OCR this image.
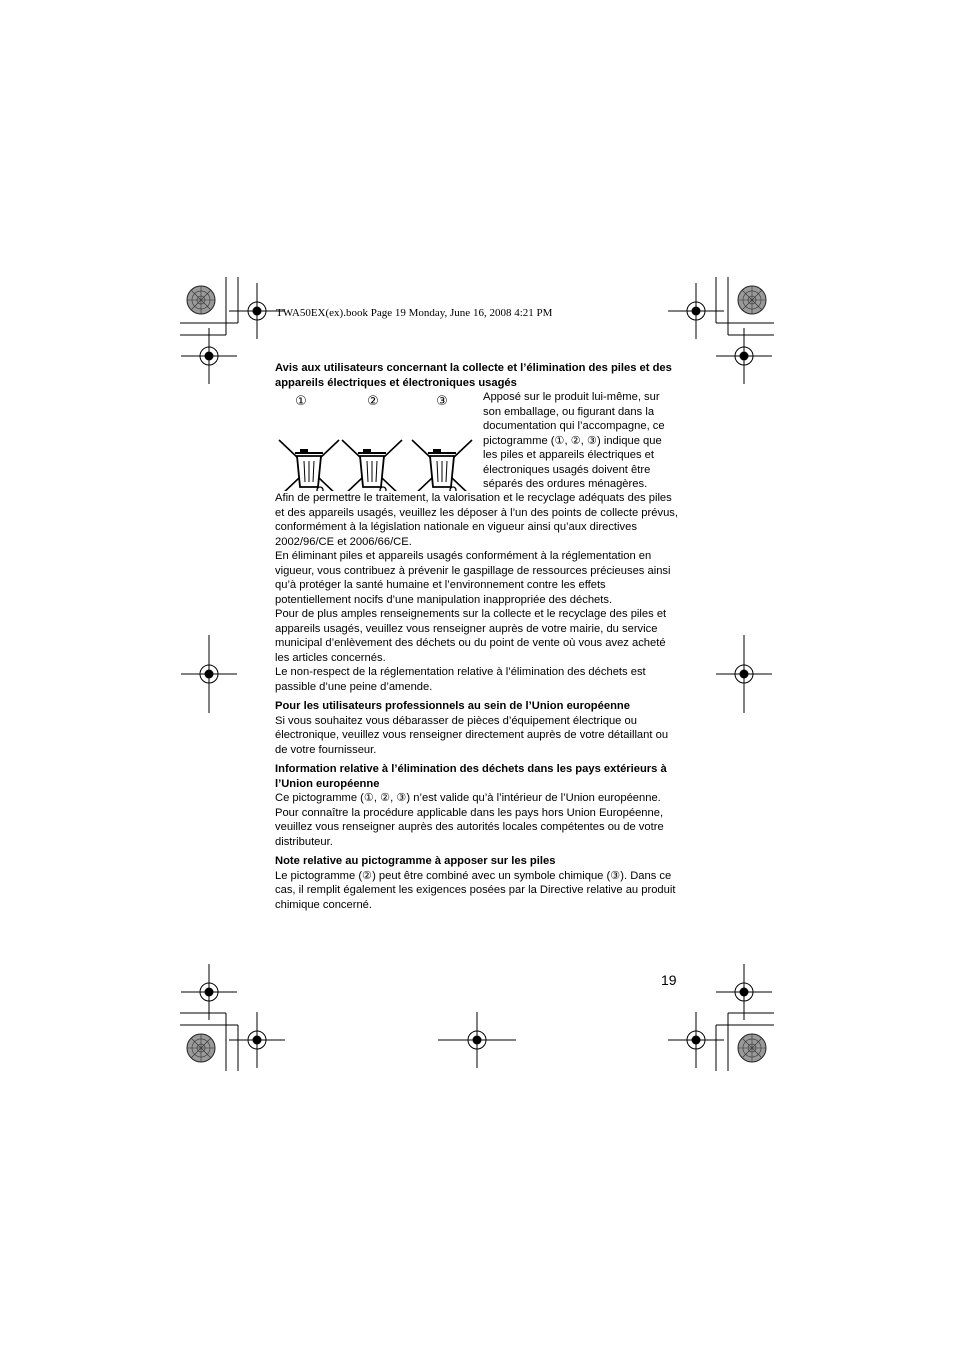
TWA50EX(ex).book Page 19 Monday, June 16, 2008 4:21 PM

Avis aux utilisateurs concernant la collecte et l’élimination des piles et des
appareils électriques et électroniques usagés

①	②	③	Apposé sur le produit lui-même, sur son emballage, ou figurant dans la documentation qui l’accompagne, ce pictogramme (①, ②, ③) indique que les piles et appareils électriques et électroniques usagés doivent être séparés des ordures ménagères.

Afin de permettre le traitement, la valorisation et le recyclage adéquats des piles et des appareils usagés, veuillez les déposer à l’un des points de collecte prévus, conformément à la législation nationale en vigueur ainsi qu’aux directives 2002/96/CE et 2006/66/CE.

En éliminant piles et appareils usagés conformément à la réglementation en vigueur, vous contribuez à prévenir le gaspillage de ressources précieuses ainsi qu’à protéger la santé humaine et l’environnement contre les effets potentiellement nocifs d’une manipulation inappropriée des déchets.

Pour de plus amples renseignements sur la collecte et le recyclage des piles et appareils usagés, veuillez vous renseigner auprès de votre mairie, du service municipal d’enlèvement des déchets ou du point de vente où vous avez acheté les articles concernés.

Le non-respect de la réglementation relative à l’élimination des déchets est passible d’une peine d’amende.

Pour les utilisateurs professionnels au sein de l’Union européenne

Si vous souhaitez vous débarasser de pièces d’équipement électrique ou électronique, veuillez vous renseigner directement auprès de votre détaillant ou de votre fournisseur.

Information relative à l’élimination des déchets dans les pays extérieurs à l’Union européenne

Ce pictogramme (①, ②, ③) n’est valide qu’à l’intérieur de l’Union européenne. Pour connaître la procédure applicable dans les pays hors Union Européenne, veuillez vous renseigner auprès des autorités locales compétentes ou de votre distributeur.

Note relative au pictogramme à apposer sur les piles

Le pictogramme (②) peut être combiné avec un symbole chimique (③). Dans ce cas, il remplit également les exigences posées par la Directive relative au produit chimique concerné.

19
